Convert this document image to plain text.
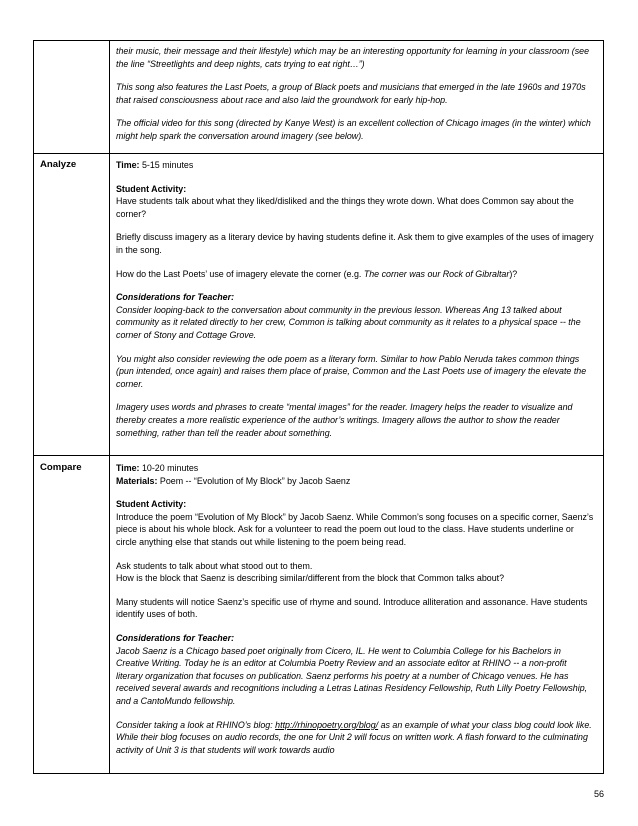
their music, their message and their lifestyle) which may be an interesting opportunity for learning in your classroom (see the line “Streetlights and deep nights, cats trying to eat right…”)

This song also features the Last Poets, a group of Black poets and musicians that emerged in the late 1960s and 1970s that raised consciousness about race and also laid the groundwork for early hip-hop.

The official video for this song (directed by Kanye West) is an excellent collection of Chicago images (in the winter) which might help spark the conversation around imagery (see below).

Analyze	Time: 5-15 minutes

Student Activity:
Have students talk about what they liked/disliked and the things they wrote down. What does Common say about the corner?

Briefly discuss imagery as a literary device by having students define it. Ask them to give examples of the uses of imagery in the song.

How do the Last Poets’ use of imagery elevate the corner (e.g. The corner was our Rock of Gibraltar)?

Considerations for Teacher:
Consider looping-back to the conversation about community in the previous lesson. Whereas Ang 13 talked about community as it related directly to her crew, Common is talking about community as it relates to a physical space -- the corner of Stony and Cottage Grove.

You might also consider reviewing the ode poem as a literary form. Similar to how Pablo Neruda takes common things (pun intended, once again) and raises them place of praise, Common and the Last Poets use of imagery the elevate the corner.

Imagery uses words and phrases to create “mental images” for the reader. Imagery helps the reader to visualize and thereby creates a more realistic experience of the author’s writings. Imagery allows the author to show the reader something, rather than tell the reader about something.

Compare	Time: 10-20 minutes
Materials: Poem -- “Evolution of My Block” by Jacob Saenz

Student Activity:
Introduce the poem “Evolution of My Block” by Jacob Saenz. While Common’s song focuses on a specific corner, Saenz’s piece is about his whole block. Ask for a volunteer to read the poem out loud to the class. Have students underline or circle anything else that stands out while listening to the poem being read.

Ask students to talk about what stood out to them.
How is the block that Saenz is describing similar/different from the block that Common talks about?

Many students will notice Saenz’s specific use of rhyme and sound. Introduce alliteration and assonance. Have students identify uses of both.

Considerations for Teacher:
Jacob Saenz is a Chicago based poet originally from Cicero, IL. He went to Columbia College for his Bachelors in Creative Writing. Today he is an editor at Columbia Poetry Review and an associate editor at RHINO -- a non-profit literary organization that focuses on publication. Saenz performs his poetry at a number of Chicago venues. He has received several awards and recognitions including a Letras Latinas Residency Fellowship, Ruth Lilly Poetry Fellowship, and a CantoMundo fellowship.

Consider taking a look at RHINO’s blog: http://rhinopoetry.org/blog/ as an example of what your class blog could look like. While their blog focuses on audio records, the one for Unit 2 will focus on written work. A flash forward to the culminating activity of Unit 3 is that students will work towards audio

56
